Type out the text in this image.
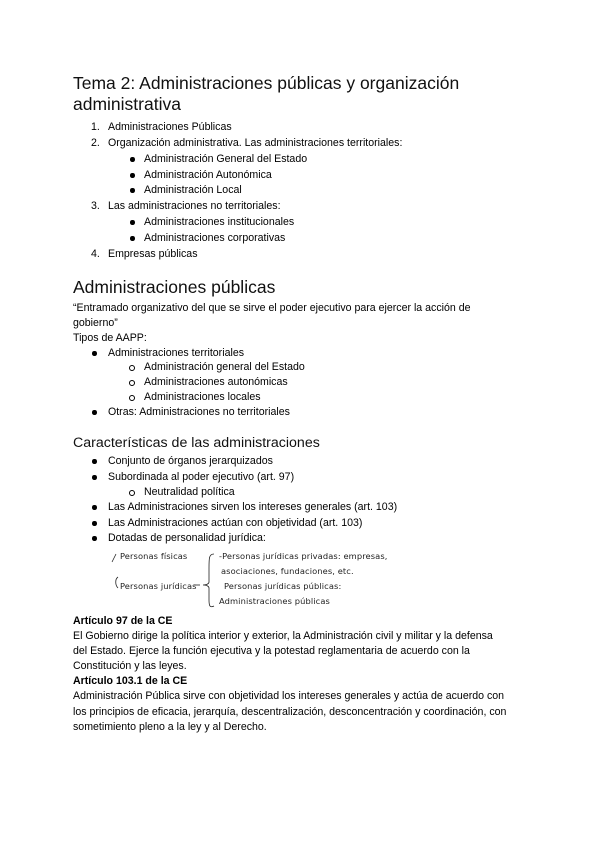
Tema 2: Administraciones públicas y organización
administrativa
1. Administraciones Públicas
2. Organización administrativa. Las administraciones territoriales:
Administración General del Estado
Administración Autonómica
Administración Local
3. Las administraciones no territoriales:
Administraciones institucionales
Administraciones corporativas
4. Empresas públicas
Administraciones públicas
“Entramado organizativo del que se sirve el poder ejecutivo para ejercer la acción de
gobierno”
Tipos de AAPP:
Administraciones territoriales
Administración general del Estado
Administraciones autonómicas
Administraciones locales
Otras: Administraciones no territoriales
Características de las administraciones
Conjunto de órganos jerarquizados
Subordinada al poder ejecutivo (art. 97)
Neutralidad política
Las Administraciones sirven los intereses generales (art. 103)
Las Administraciones actúan con objetividad (art. 103)
Dotadas de personalidad jurídica:
Personas físicas
Personas jurídicas
-Personas jurídicas privadas: empresas,
asociaciones, fundaciones, etc.
Personas jurídicas públicas:
Administraciones públicas
Artículo 97 de la CE
El Gobierno dirige la política interior y exterior, la Administración civil y militar y la defensa
del Estado. Ejerce la función ejecutiva y la potestad reglamentaria de acuerdo con la
Constitución y las leyes.
Artículo 103.1 de la CE
Administración Pública sirve con objetividad los intereses generales y actúa de acuerdo con
los principios de eficacia, jerarquía, descentralización, desconcentración y coordinación, con
sometimiento pleno a la ley y al Derecho.
